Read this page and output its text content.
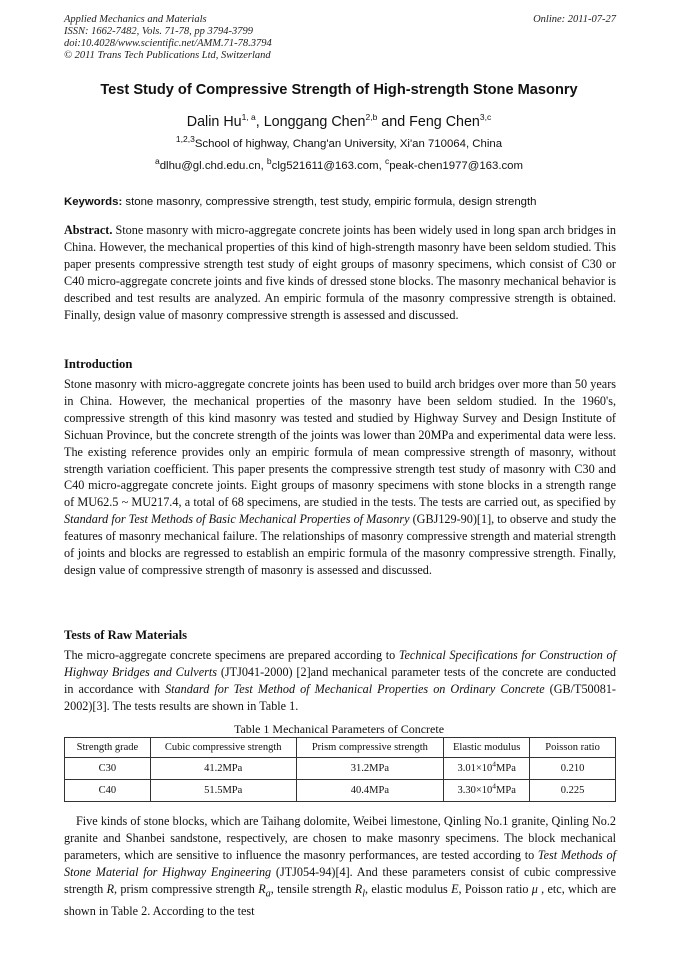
Applied Mechanics and Materials
ISSN: 1662-7482, Vols. 71-78, pp 3794-3799
doi:10.4028/www.scientific.net/AMM.71-78.3794
© 2011 Trans Tech Publications Ltd, Switzerland
Online: 2011-07-27
Test Study of Compressive Strength of High-strength Stone Masonry
Dalin Hu$^{1, a}$, Longgang Chen$^{2,b}$ and Feng Chen$^{3,c}$
$^{1,2,3}$School of highway, Chang'an University, Xi'an 710064, China
$^a$dlhu@gl.chd.edu.cn, $^b$clg521611@163.com, $^c$peak-chen1977@163.com
Keywords: stone masonry, compressive strength, test study, empiric formula, design strength
Abstract. Stone masonry with micro-aggregate concrete joints has been widely used in long span arch bridges in China. However, the mechanical properties of this kind of high-strength masonry have been seldom studied. This paper presents compressive strength test study of eight groups of masonry specimens, which consist of C30 or C40 micro-aggregate concrete joints and five kinds of dressed stone blocks. The masonry mechanical behavior is described and test results are analyzed. An empiric formula of the masonry compressive strength is obtained. Finally, design value of masonry compressive strength is assessed and discussed.
Introduction
Stone masonry with micro-aggregate concrete joints has been used to build arch bridges over more than 50 years in China. However, the mechanical properties of the masonry have been seldom studied. In the 1960's, compressive strength of this kind masonry was tested and studied by Highway Survey and Design Institute of Sichuan Province, but the concrete strength of the joints was lower than 20MPa and experimental data were less. The existing reference provides only an empiric formula of mean compressive strength of masonry, without strength variation coefficient. This paper presents the compressive strength test study of masonry with C30 and C40 micro-aggregate concrete joints. Eight groups of masonry specimens with stone blocks in a strength range of MU62.5 ~ MU217.4, a total of 68 specimens, are studied in the tests. The tests are carried out, as specified by Standard for Test Methods of Basic Mechanical Properties of Masonry (GBJ129-90)[1], to observe and study the features of masonry mechanical failure. The relationships of masonry compressive strength and material strength of joints and blocks are regressed to establish an empiric formula of the masonry compressive strength. Finally, design value of compressive strength of masonry is assessed and discussed.
Tests of Raw Materials
The micro-aggregate concrete specimens are prepared according to Technical Specifications for Construction of Highway Bridges and Culverts (JTJ041-2000) [2]and mechanical parameter tests of the concrete are conducted in accordance with Standard for Test Method of Mechanical Properties on Ordinary Concrete (GB/T50081-2002)[3]. The tests results are shown in Table 1.
Table 1 Mechanical Parameters of Concrete
Strength grade	Cubic compressive strength	Prism compressive strength	Elastic modulus	Poisson ratio
C30	41.2MPa	31.2MPa	$3.01\times 10^4MPa$	0.210
C40	51.5MPa	40.4MPa	$3.30\times 10^4MPa$	0.225
Five kinds of stone blocks, which are Taihang dolomite, Weibei limestone, Qinling No.1 granite, Qinling No.2 granite and Shanbei sandstone, respectively, are chosen to make masonry specimens. The block mechanical parameters, which are sensitive to influence the masonry performances, are tested according to Test Methods of Stone Material for Highway Engineering (JTJ054-94)[4]. And these parameters consist of cubic compressive strength R, prism compressive strength $R_a$, tensile strength $R_l$, elastic modulus E, Poisson ratio μ , etc, which are shown in Table 2. According to the test
